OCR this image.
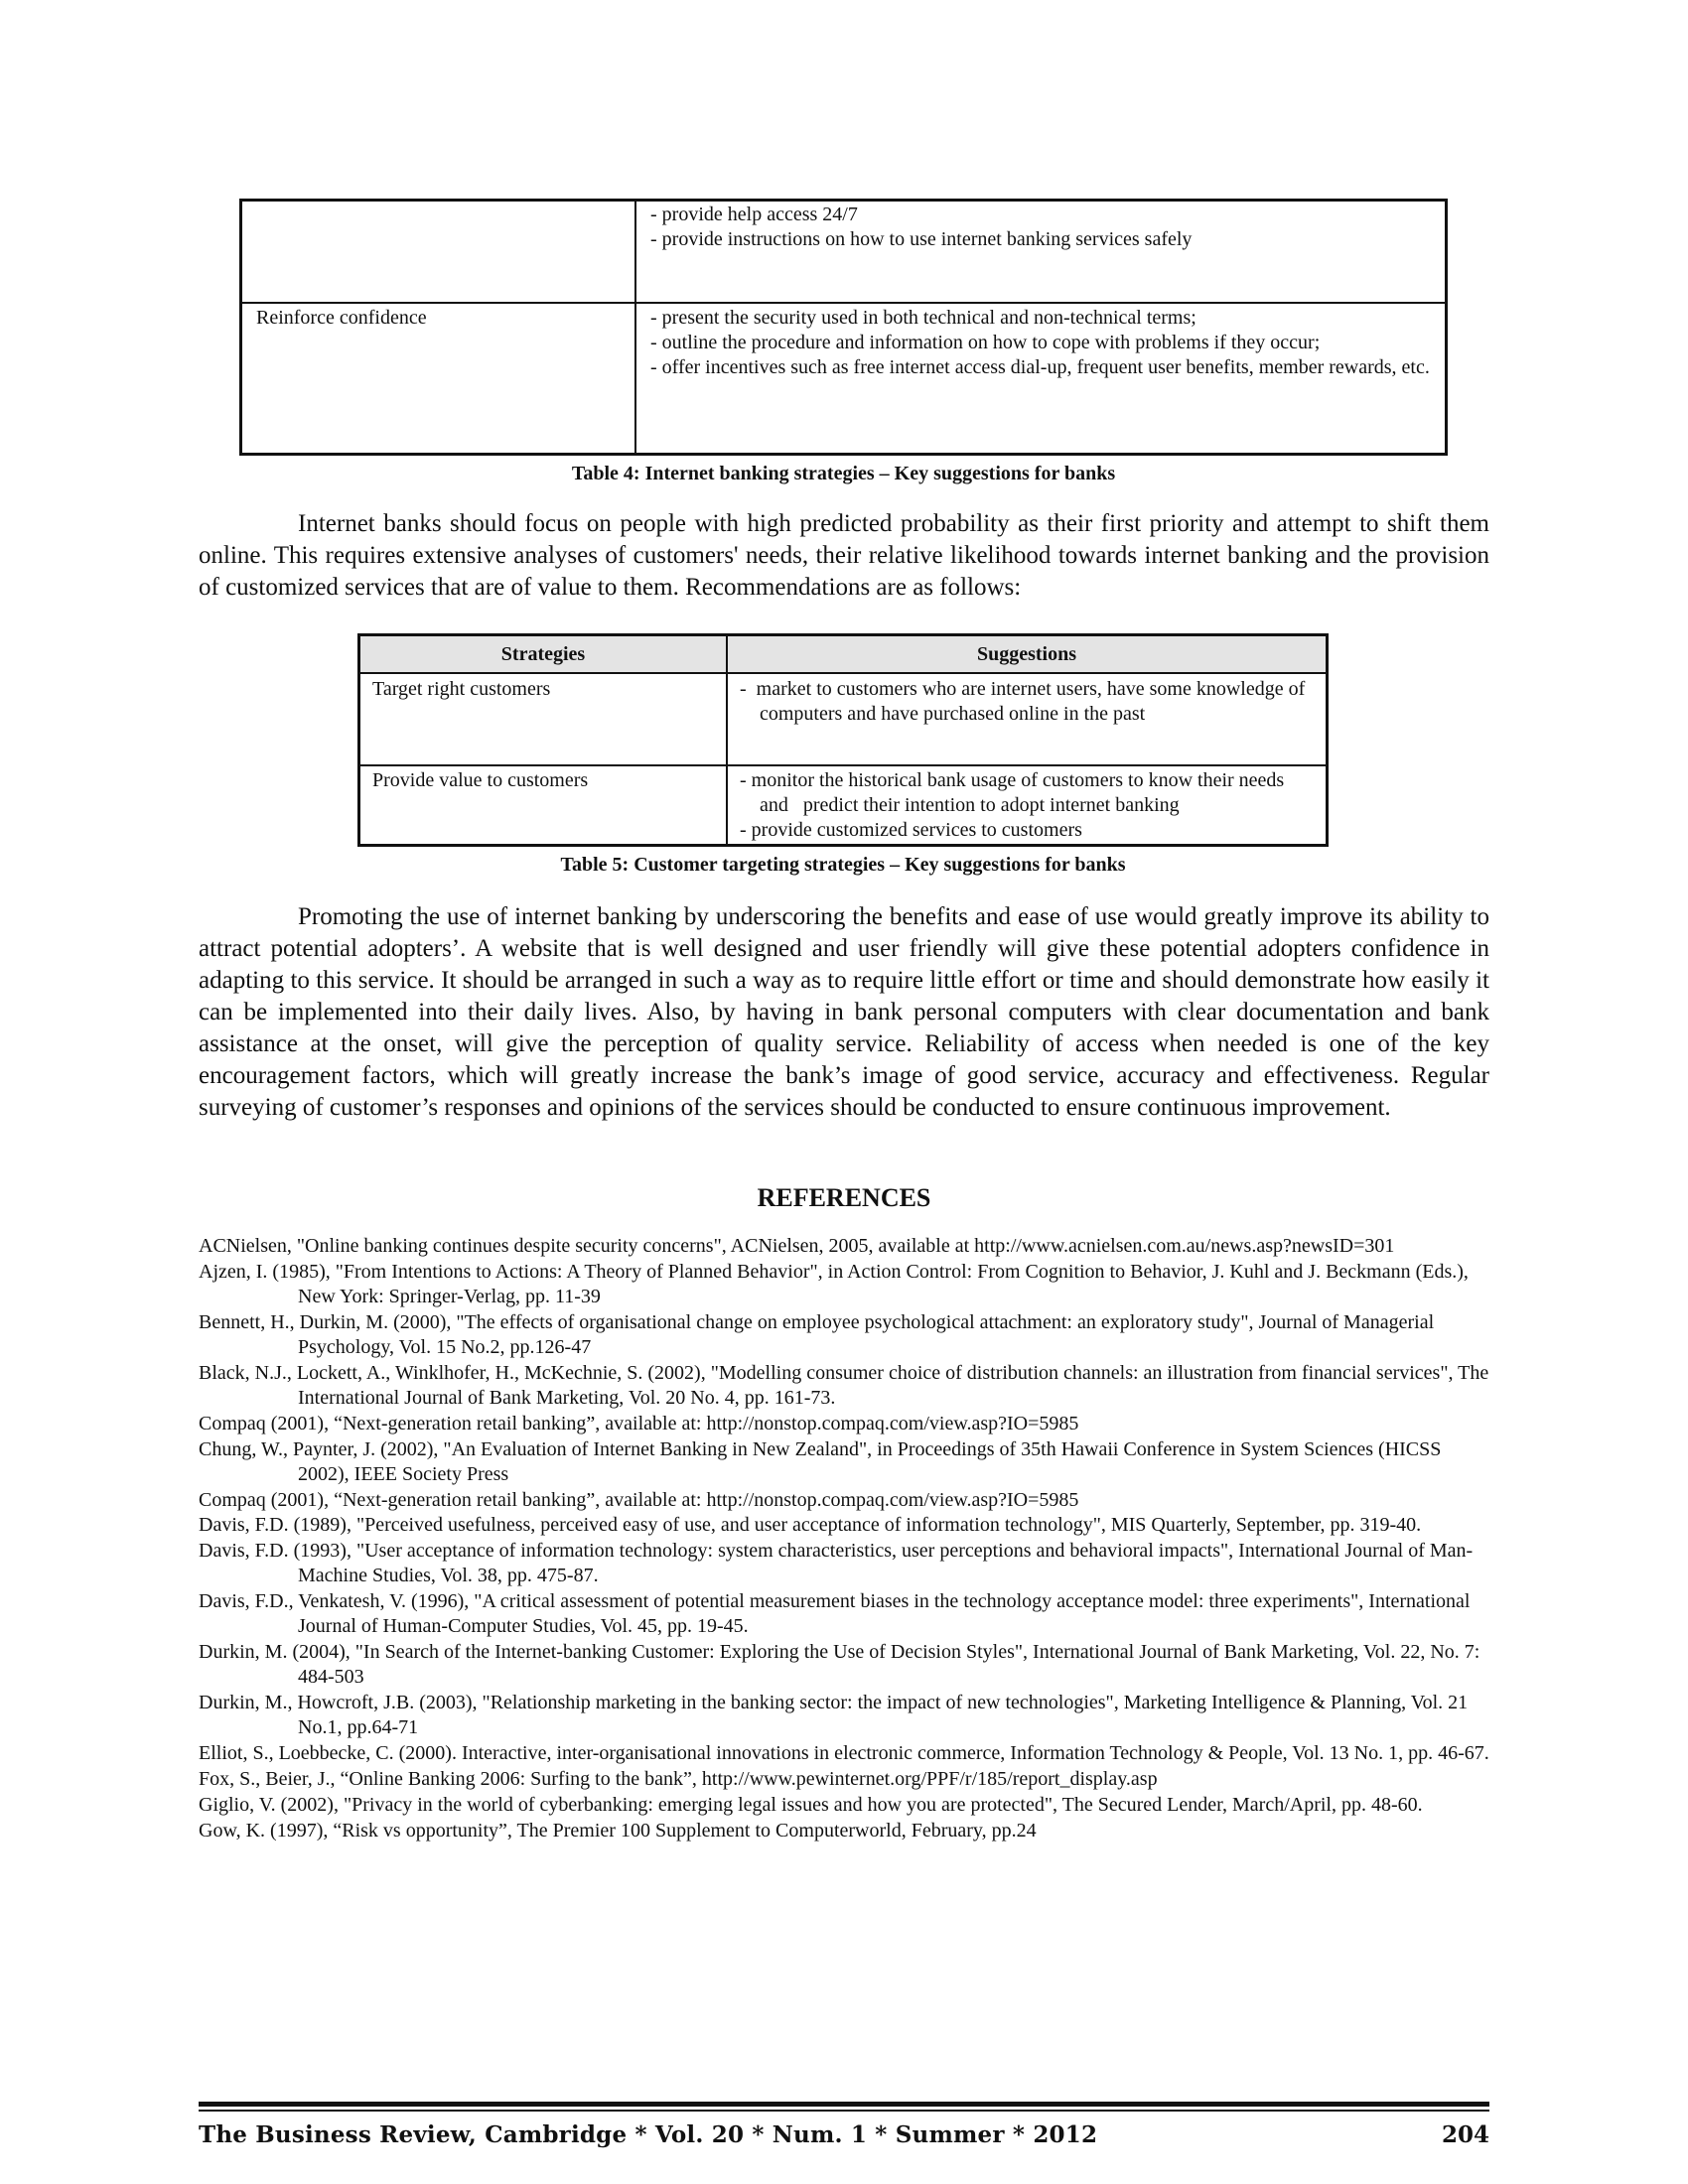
	- provide help access 24/7
- provide instructions on how to use internet banking services safely

Reinforce confidence	- present the security used in both technical and non-technical terms;
- outline the procedure and information on how to cope with problems if they occur;
- offer incentives such as free internet access dial-up, frequent user benefits, member rewards, etc.
Table 4: Internet banking strategies – Key suggestions for banks

Internet banks should focus on people with high predicted probability as their first priority and attempt to shift them online. This requires extensive analyses of customers' needs, their relative likelihood towards internet banking and the provision of customized services that are of value to them. Recommendations are as follows:

Strategies	Suggestions
Target right customers	-  market to customers who are internet users, have some knowledge of computers and have purchased online in the past

Provide value to customers	- monitor the historical bank usage of customers to know their needs and   predict their intention to adopt internet banking
- provide customized services to customers
Table 5: Customer targeting strategies – Key suggestions for banks

Promoting the use of internet banking by underscoring the benefits and ease of use would greatly improve its ability to attract potential adopters’. A website that is well designed and user friendly will give these potential adopters confidence in adapting to this service. It should be arranged in such a way as to require little effort or time and should demonstrate how easily it can be implemented into their daily lives. Also, by having in bank personal computers with clear documentation and bank assistance at the onset, will give the perception of quality service. Reliability of access when needed is one of the key encouragement factors, which will greatly increase the bank’s image of good service, accuracy and effectiveness. Regular surveying of customer’s responses and opinions of the services should be conducted to ensure continuous improvement.

REFERENCES

ACNielsen, "Online banking continues despite security concerns", ACNielsen, 2005, available at http://www.acnielsen.com.au/news.asp?newsID=301

Ajzen, I. (1985), "From Intentions to Actions: A Theory of Planned Behavior", in Action Control: From Cognition to Behavior, J. Kuhl and J. Beckmann (Eds.), New York: Springer-Verlag, pp. 11-39

Bennett, H., Durkin, M. (2000), "The effects of organisational change on employee psychological attachment: an exploratory study", Journal of Managerial Psychology, Vol. 15 No.2, pp.126-47

Black, N.J., Lockett, A., Winklhofer, H., McKechnie, S. (2002), "Modelling consumer choice of distribution channels: an illustration from financial services", The International Journal of Bank Marketing, Vol. 20 No. 4, pp. 161-73.

Compaq (2001), “Next-generation retail banking”, available at: http://nonstop.compaq.com/view.asp?IO=5985

Chung, W., Paynter, J. (2002), "An Evaluation of Internet Banking in New Zealand", in Proceedings of 35th Hawaii Conference in System Sciences (HICSS 2002), IEEE Society Press

Compaq (2001), “Next-generation retail banking”, available at: http://nonstop.compaq.com/view.asp?IO=5985

Davis, F.D. (1989), "Perceived usefulness, perceived easy of use, and user acceptance of information technology", MIS Quarterly, September, pp. 319-40.

Davis, F.D. (1993), "User acceptance of information technology: system characteristics, user perceptions and behavioral impacts", International Journal of Man-Machine Studies, Vol. 38, pp. 475-87.

Davis, F.D., Venkatesh, V. (1996), "A critical assessment of potential measurement biases in the technology acceptance model: three experiments", International Journal of Human-Computer Studies, Vol. 45, pp. 19-45.

Durkin, M. (2004), "In Search of the Internet-banking Customer: Exploring the Use of Decision Styles", International Journal of Bank Marketing, Vol. 22, No. 7: 484-503

Durkin, M., Howcroft, J.B. (2003), "Relationship marketing in the banking sector: the impact of new technologies", Marketing Intelligence & Planning, Vol. 21 No.1, pp.64-71

Elliot, S., Loebbecke, C. (2000). Interactive, inter-organisational innovations in electronic commerce, Information Technology & People, Vol. 13 No. 1, pp. 46-67.

Fox, S., Beier, J., “Online Banking 2006: Surfing to the bank”, http://www.pewinternet.org/PPF/r/185/report_display.asp

Giglio, V. (2002), "Privacy in the world of cyberbanking: emerging legal issues and how you are protected", The Secured Lender, March/April, pp. 48-60.

Gow, K. (1997), “Risk vs opportunity”, The Premier 100 Supplement to Computerworld, February, pp.24

The Business Review, Cambridge * Vol. 20 * Num. 1 * Summer * 2012	204
